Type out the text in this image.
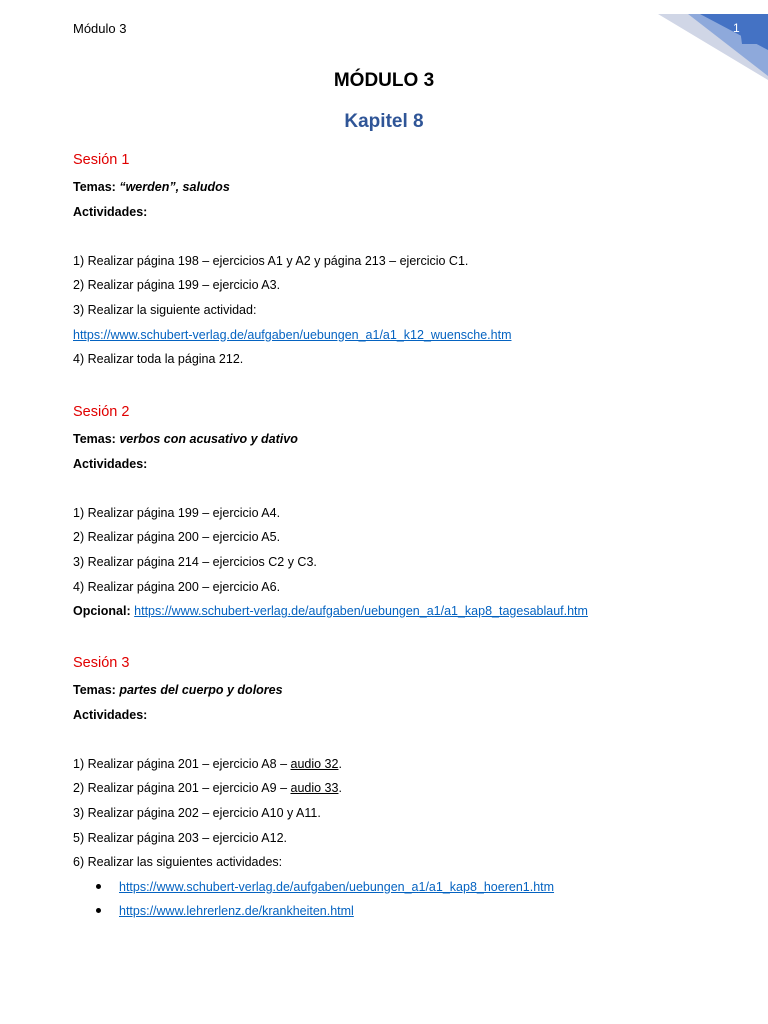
Módulo 3	1
MÓDULO 3
Kapitel 8
Sesión 1
Temas: “werden”, saludos
Actividades:
1) Realizar página 198 – ejercicios A1 y A2 y página 213 – ejercicio C1.
2) Realizar página 199 – ejercicio A3.
3) Realizar la siguiente actividad:
https://www.schubert-verlag.de/aufgaben/uebungen_a1/a1_k12_wuensche.htm
4) Realizar toda la página 212.
Sesión 2
Temas: verbos con acusativo y dativo
Actividades:
1) Realizar página 199 – ejercicio A4.
2) Realizar página 200 – ejercicio A5.
3) Realizar página 214 – ejercicios C2 y C3.
4) Realizar página 200 – ejercicio A6.
Opcional: https://www.schubert-verlag.de/aufgaben/uebungen_a1/a1_kap8_tagesablauf.htm
Sesión 3
Temas: partes del cuerpo y dolores
Actividades:
1) Realizar página 201 – ejercicio A8 – audio 32.
2) Realizar página 201 – ejercicio A9 – audio 33.
3) Realizar página 202 – ejercicio A10 y A11.
5) Realizar página 203 – ejercicio A12.
6) Realizar las siguientes actividades:
https://www.schubert-verlag.de/aufgaben/uebungen_a1/a1_kap8_hoeren1.htm
https://www.lehrerlenz.de/krankheiten.html
